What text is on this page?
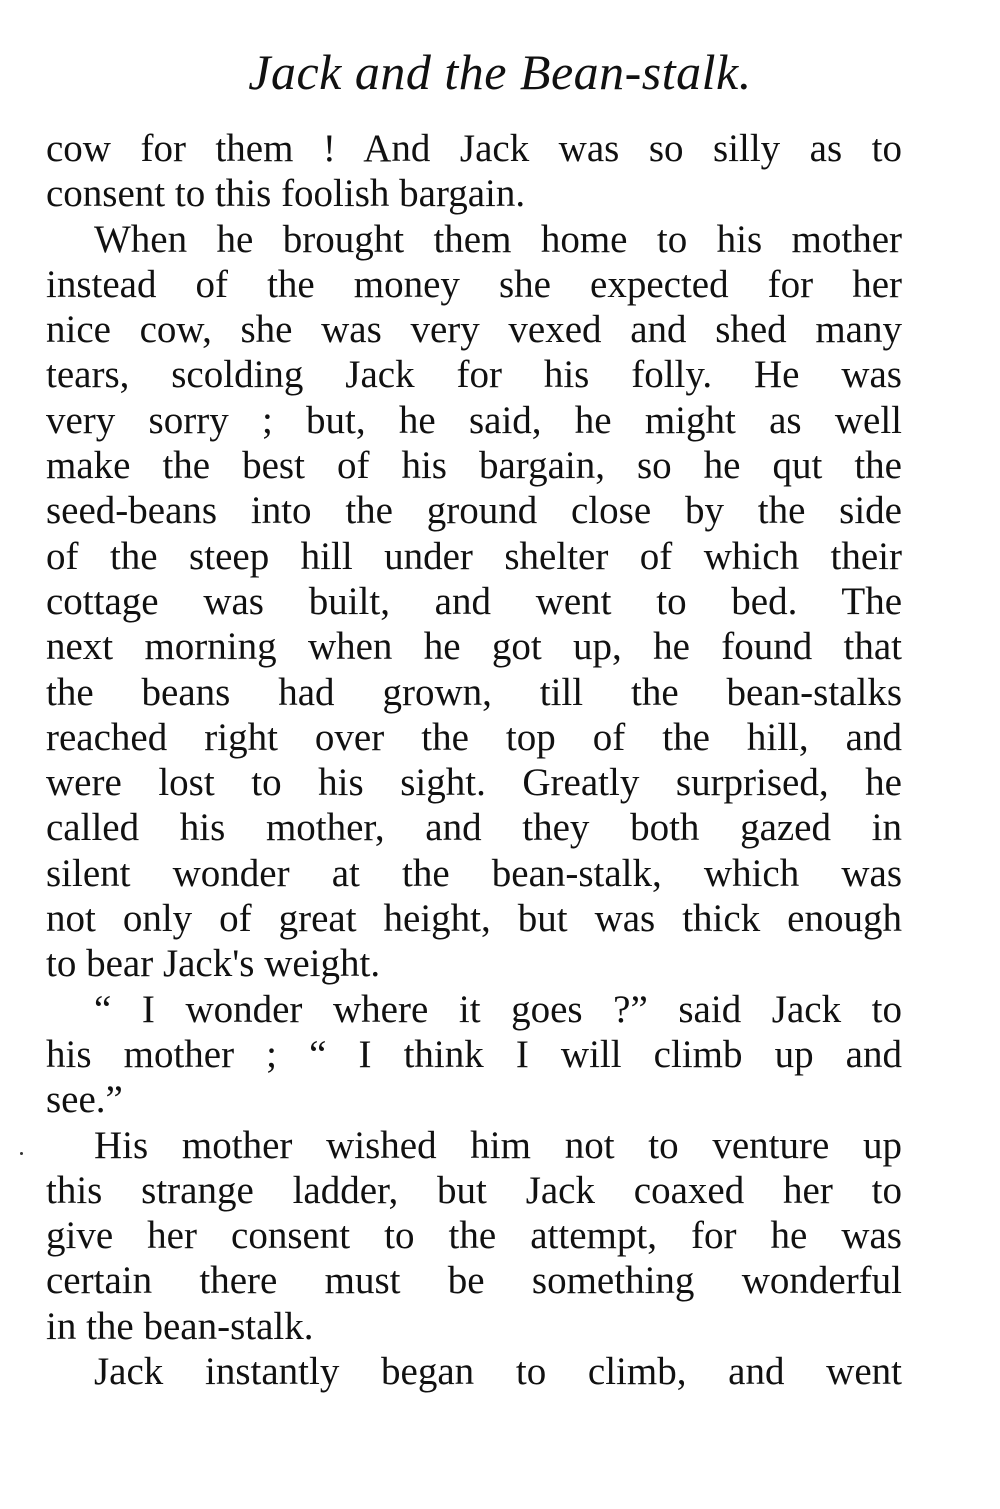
Jack and the Bean-stalk.
cow for them ! And Jack was so silly as to
consent to this foolish bargain.
When he brought them home to his mother
instead of the money she expected for her
nice cow, she was very vexed and shed many
tears, scolding Jack for his folly. He was
very sorry ; but, he said, he might as well
make the best of his bargain, so he qut the
seed-beans into the ground close by the side
of the steep hill under shelter of which their
cottage was built, and went to bed. The
next morning when he got up, he found that
the beans had grown, till the bean-stalks
reached right over the top of the hill, and
were lost to his sight. Greatly surprised, he
called his mother, and they both gazed in
silent wonder at the bean-stalk, which was
not only of great height, but was thick enough
to bear Jack's weight.
“ I wonder where it goes ?” said Jack to
his mother ; “ I think I will climb up and
see.”
His mother wished him not to venture up
this strange ladder, but Jack coaxed her to
give her consent to the attempt, for he was
certain there must be something wonderful
in the bean-stalk.
Jack instantly began to climb, and went
